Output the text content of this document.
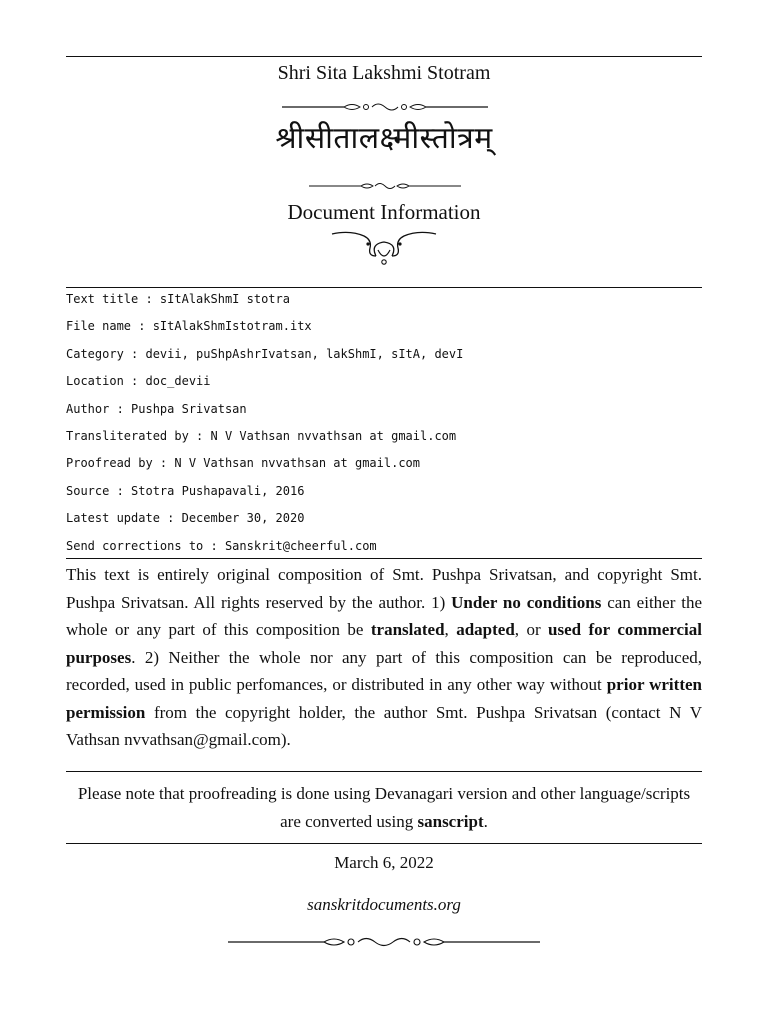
Shri Sita Lakshmi Stotram
श्रीसीतालक्ष्मीस्तोत्रम्
Document Information
Text title : sItAlakShmI stotra
File name : sItAlakShmIstotram.itx
Category : devii, puShpAshrIvatsan, lakShmI, sItA, devI
Location : doc_devii
Author : Pushpa Srivatsan
Transliterated by : N V Vathsan nvvathsan at gmail.com
Proofread by : N V Vathsan nvvathsan at gmail.com
Source : Stotra Pushapavali, 2016
Latest update : December 30, 2020
Send corrections to : Sanskrit@cheerful.com
This text is entirely original composition of Smt. Pushpa Srivatsan, and copyright Smt. Pushpa Srivatsan. All rights reserved by the author. 1) Under no conditions can either the whole or any part of this composition be translated, adapted, or used for commercial purposes. 2) Neither the whole nor any part of this composition can be reproduced, recorded, used in public perfomances, or distributed in any other way without prior written permission from the copyright holder, the author Smt. Pushpa Srivatsan (contact N V Vathsan nvvathsan@gmail.com).
Please note that proofreading is done using Devanagari version and other language/scripts are converted using sanscript.
March 6, 2022
sanskritdocuments.org
